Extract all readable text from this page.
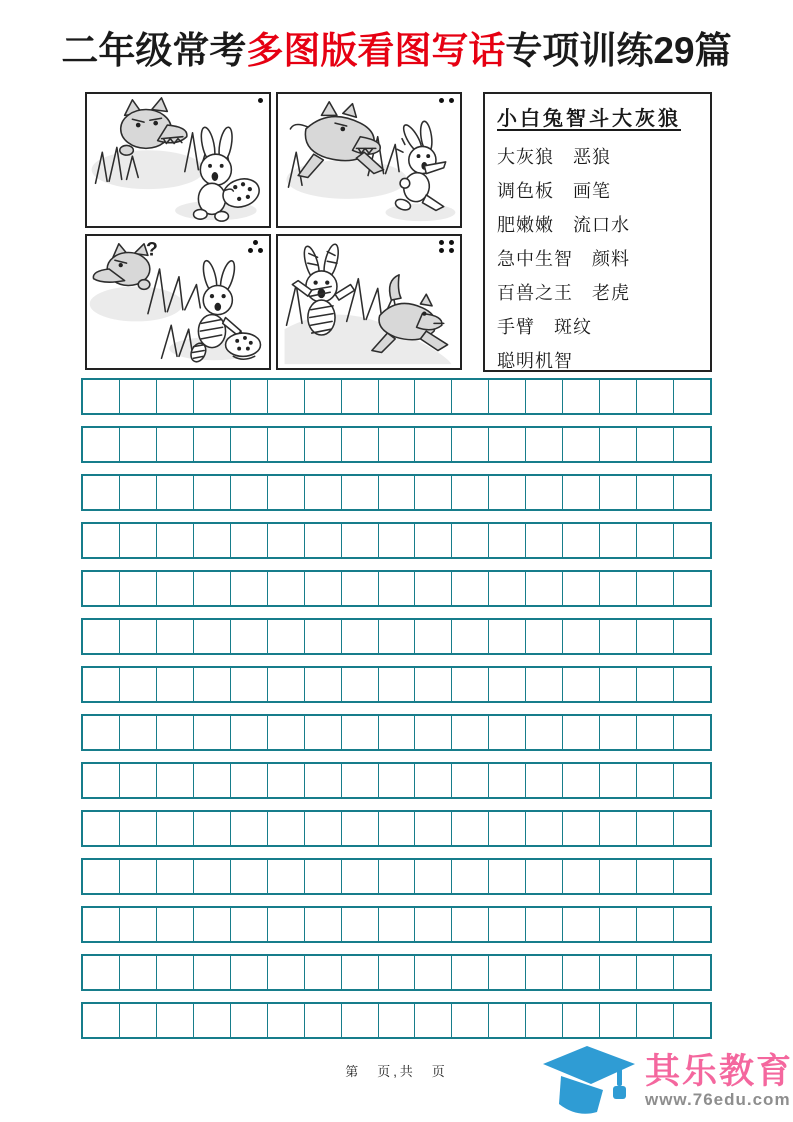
二年级常考多图版看图写话专项训练29篇
?
小白兔智斗大灰狼
大灰狼　恶狼
调色板　画笔
肥嫩嫩　流口水
急中生智　颜料
百兽之王　老虎
手臂　斑纹
聪明机智
第　页,共　页	其乐教育
www.76edu.com
